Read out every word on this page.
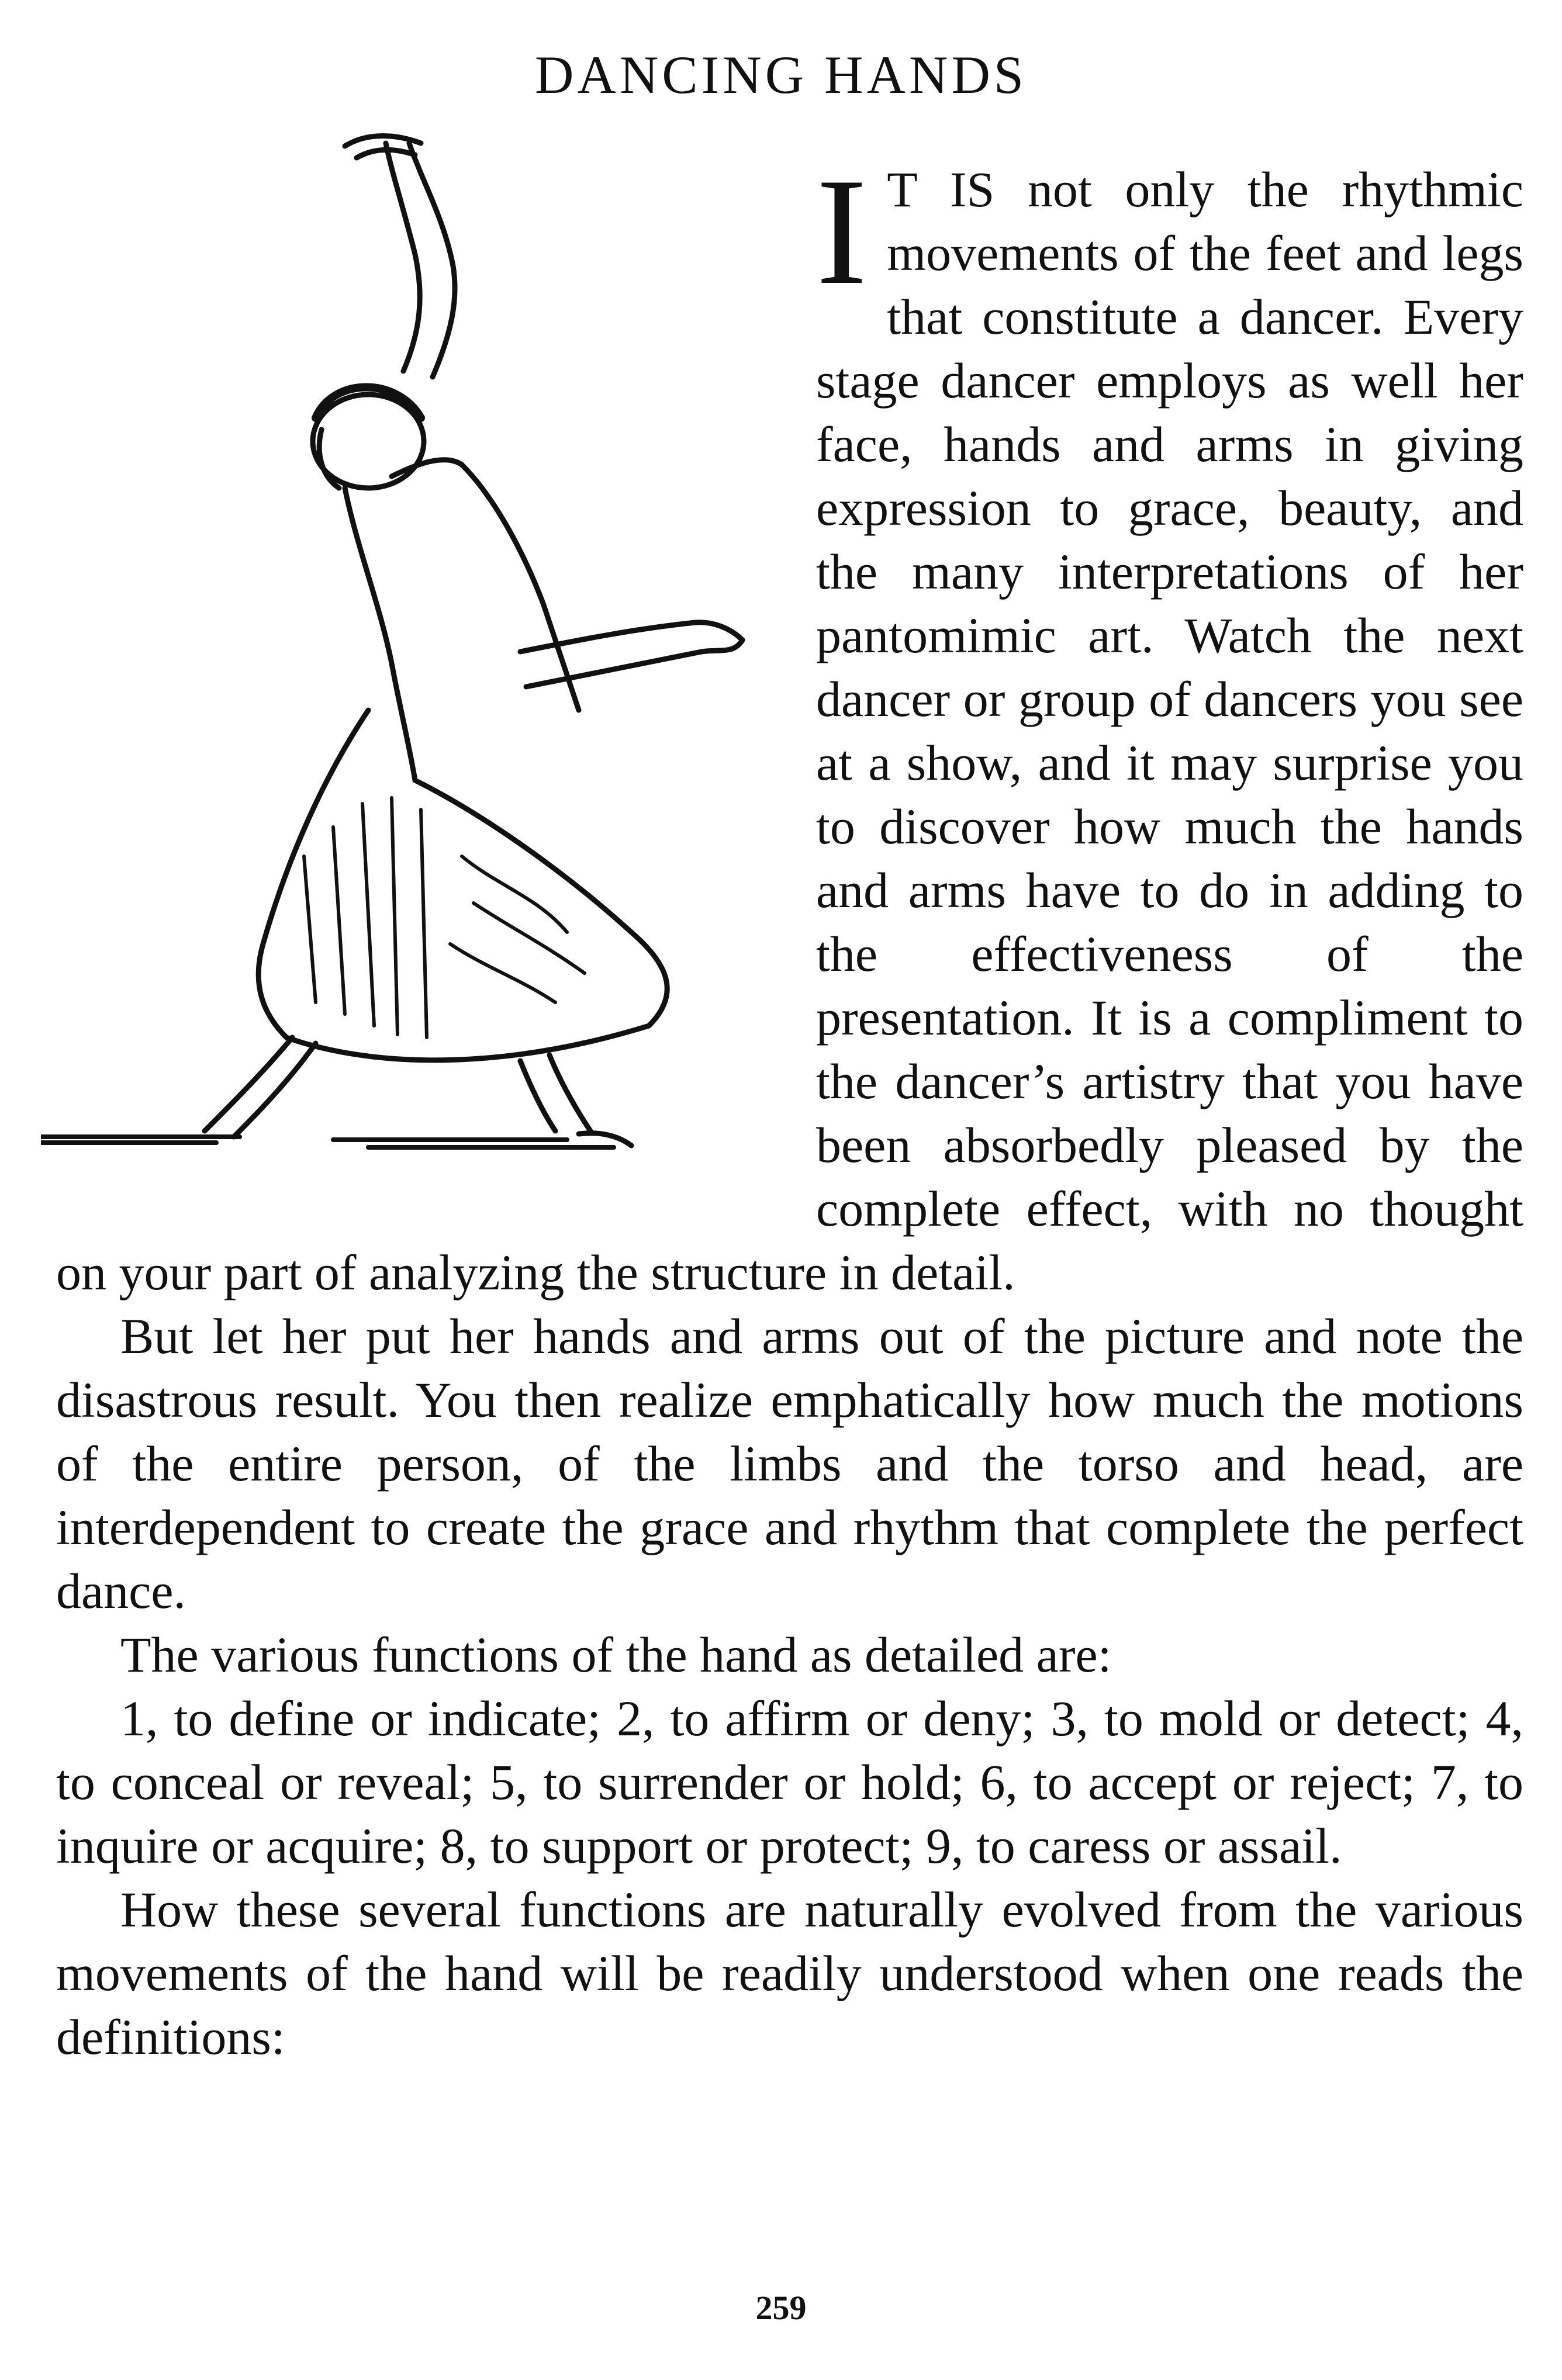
DANCING HANDS

I T IS not only the rhythmic movements of the feet and legs that constitute a dancer. Every stage dancer employs as well her face, hands and arms in giving expression to grace, beauty, and the many interpretations of her pantomimic art. Watch the next dancer or group of dancers you see at a show, and it may surprise you to discover how much the hands and arms have to do in adding to the effectiveness of the presentation. It is a compliment to the dancer’s artistry that you have been absorbedly pleased by the complete effect, with no thought on your part of analyzing the structure in detail.

But let her put her hands and arms out of the picture and note the disastrous result. You then realize emphatically how much the motions of the entire person, of the limbs and the torso and head, are interdependent to create the grace and rhythm that complete the perfect dance.

The various functions of the hand as detailed are:

1, to define or indicate; 2, to affirm or deny; 3, to mold or detect; 4, to conceal or reveal; 5, to surrender or hold; 6, to accept or reject; 7, to inquire or acquire; 8, to support or protect; 9, to caress or assail.

How these several functions are naturally evolved from the various movements of the hand will be readily understood when one reads the definitions:

259
